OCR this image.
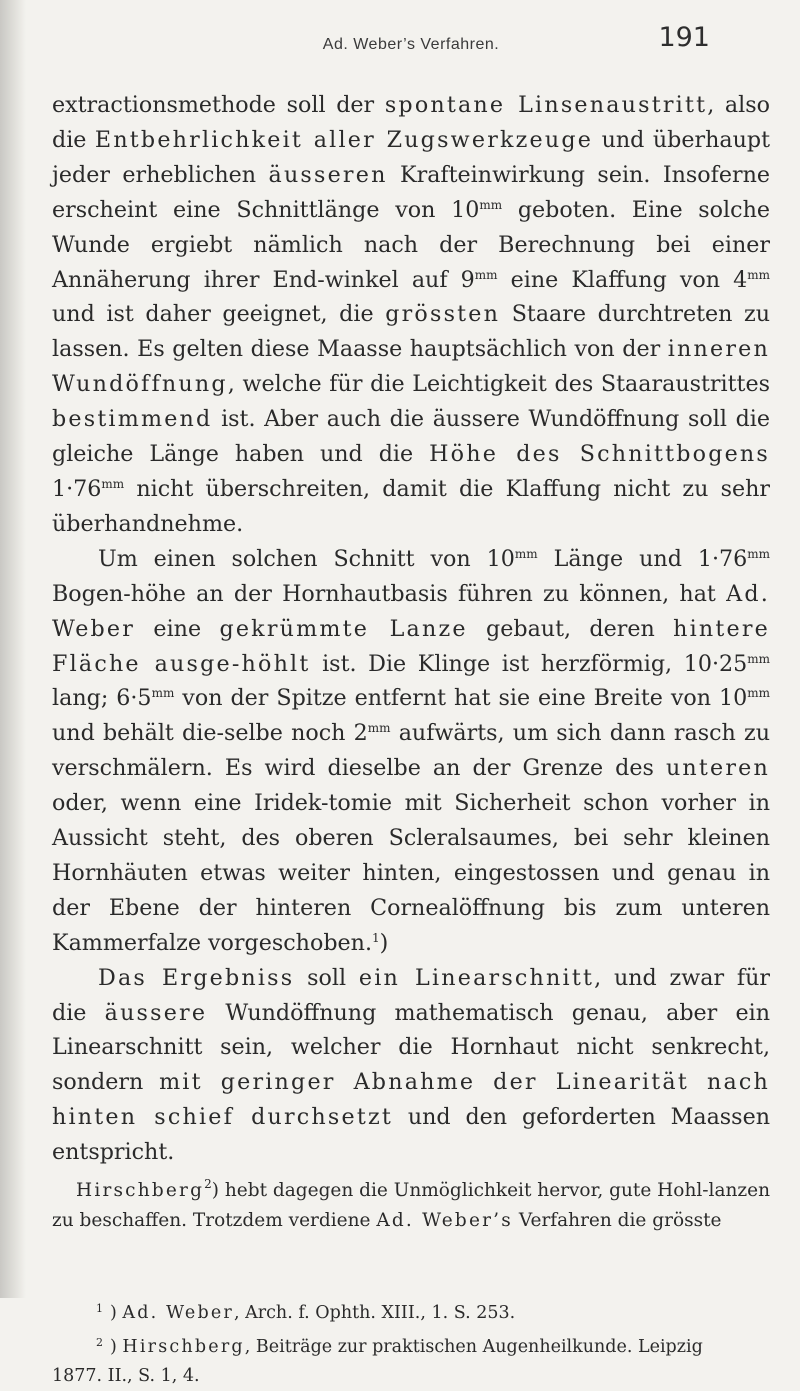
Ad. Weber’s Verfahren.	191

extractionsmethode soll der spontane Linsenaustritt, also die Entbehrlichkeit aller Zugswerkzeuge und überhaupt jeder erheblichen äusseren Krafteinwirkung sein. Insoferne erscheint eine Schnittlänge von $10^{mm}$ geboten. Eine solche Wunde ergiebt nämlich nach der Berechnung bei einer Annäherung ihrer End-winkel auf $9^{mm}$ eine Klaffung von $4^{mm}$ und ist daher geeignet, die grössten Staare durchtreten zu lassen. Es gelten diese Maasse hauptsächlich von der inneren Wundöffnung, welche für die Leichtigkeit des Staaraustrittes bestimmend ist. Aber auch die äussere Wundöffnung soll die gleiche Länge haben und die Höhe des Schnittbogens $1\cdot 76^{mm}$ nicht überschreiten, damit die Klaffung nicht zu sehr überhandnehme.

Um einen solchen Schnitt von $10^{mm}$ Länge und $1\cdot 76^{mm}$ Bogen-höhe an der Hornhautbasis führen zu können, hat Ad. Weber eine gekrümmte Lanze gebaut, deren hintere Fläche ausge-höhlt ist. Die Klinge ist herzförmig, $10\cdot 25^{mm}$ lang; $6\cdot 5^{mm}$ von der Spitze entfernt hat sie eine Breite von $10^{mm}$ und behält die-selbe noch $2^{mm}$ aufwärts, um sich dann rasch zu verschmälern. Es wird dieselbe an der Grenze des unteren oder, wenn eine Iridek-tomie mit Sicherheit schon vorher in Aussicht steht, des oberen Scleralsaumes, bei sehr kleinen Hornhäuten etwas weiter hinten, eingestossen und genau in der Ebene der hinteren Cornealöffnung bis zum unteren Kammerfalze vorgeschoben.$^1$)

Das Ergebniss soll ein Linearschnitt, und zwar für die äussere Wundöffnung mathematisch genau, aber ein Linearschnitt sein, welcher die Hornhaut nicht senkrecht, sondern mit geringer Abnahme der Linearität nach hinten schief durchsetzt und den geforderten Maassen entspricht.

Hirschberg$^2$) hebt dagegen die Unmöglichkeit hervor, gute Hohl-lanzen zu beschaffen. Trotzdem verdiene Ad. Weber’s Verfahren die grösste

1 ) Ad. Weber, Arch. f. Ophth. XIII., 1. S. 253.

2 ) Hirschberg, Beiträge zur praktischen Augenheilkunde. Leipzig

1877. II., S. 1, 4.
